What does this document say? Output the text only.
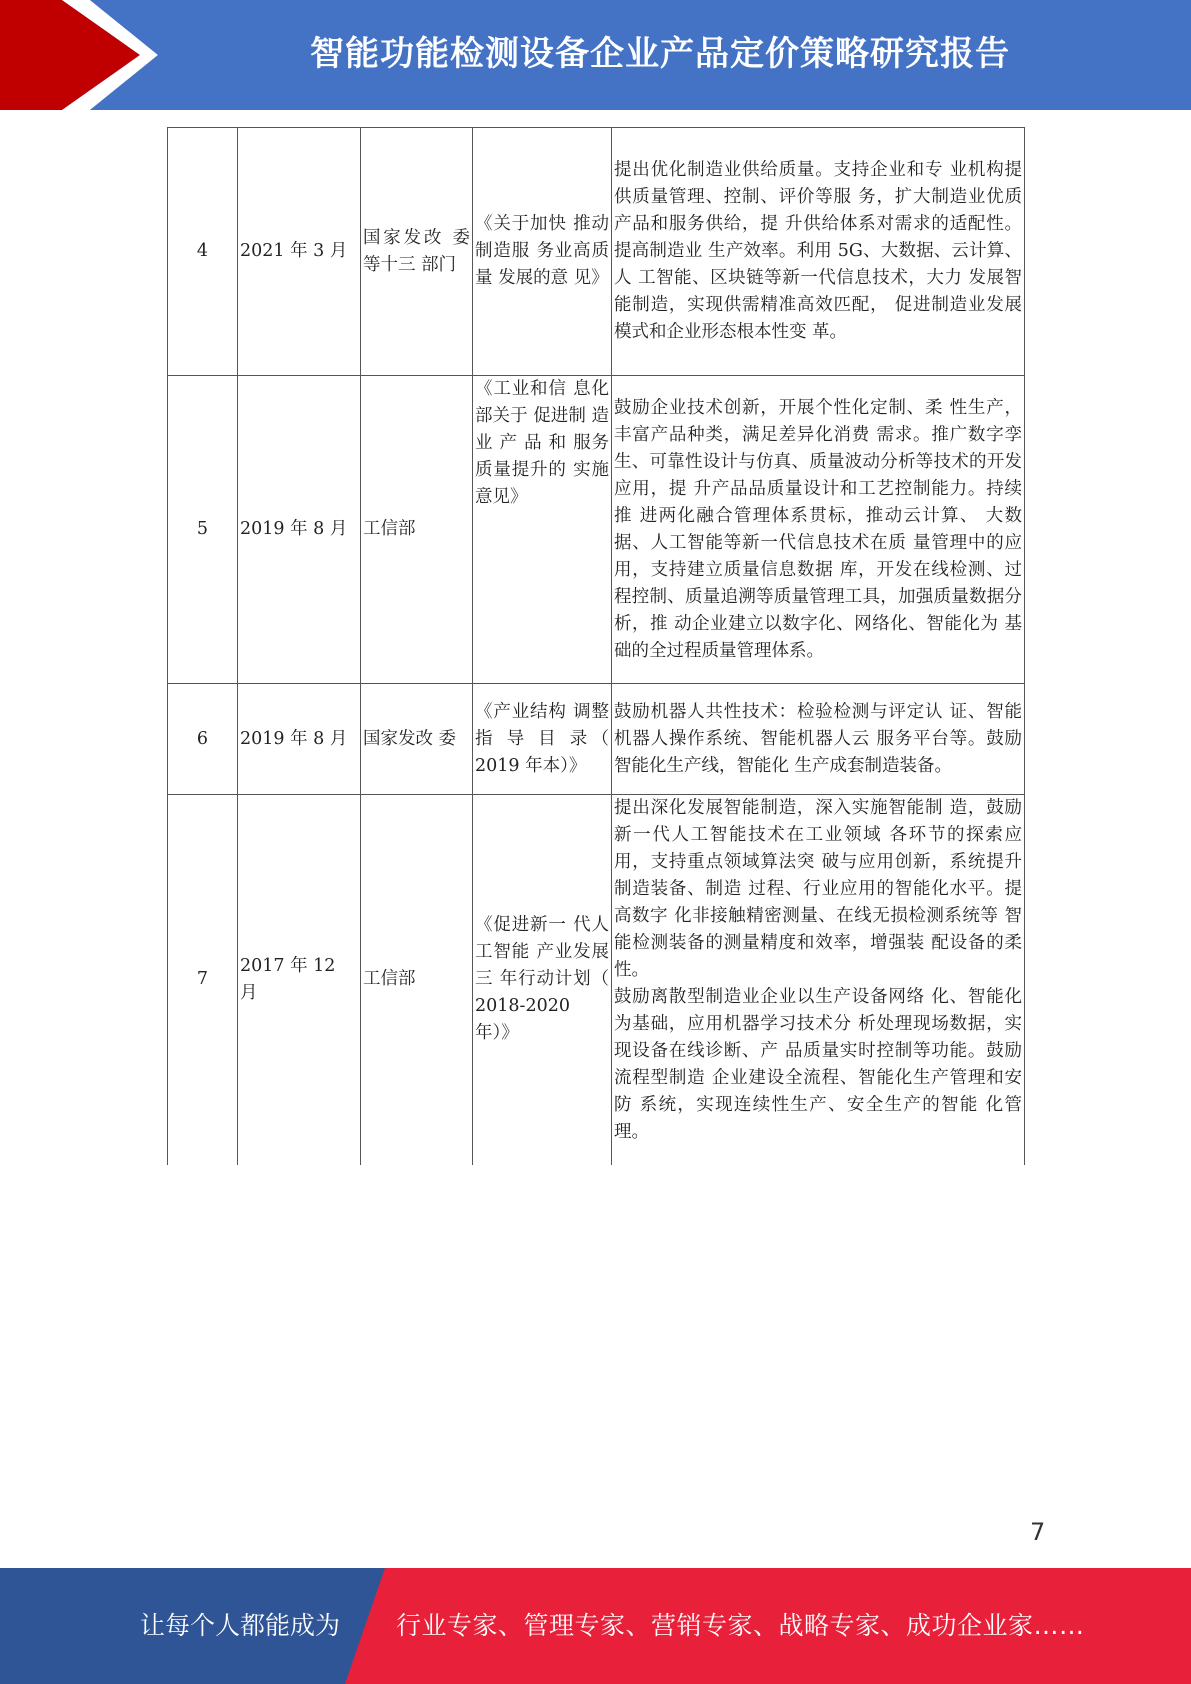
智能功能检测设备企业产品定价策略研究报告
4	2021 年 3 月	国家发改 委等十三 部门	《关于加快 推动制造服 务业高质量 发展的意 见》	提出优化制造业供给质量。支持企业和专 业机构提供质量管理、控制、评价等服 务，扩大制造业优质产品和服务供给，提 升供给体系对需求的适配性。提高制造业 生产效率。利用 5G、大数据、云计算、人 工智能、区块链等新一代信息技术，大力 发展智能制造，实现供需精准高效匹配， 促进制造业发展模式和企业形态根本性变 革。
5	2019 年 8 月	工信部	《工业和信 息化部关于 促进制 造 业 产 品 和 服务 质量提升的 实施意见》	鼓励企业技术创新，开展个性化定制、柔 性生产，丰富产品种类，满足差异化消费 需求。推广数字孪生、可靠性设计与仿真、质量波动分析等技术的开发应用，提 升产品品质量设计和工艺控制能力。持续推 进两化融合管理体系贯标，推动云计算、 大数据、人工智能等新一代信息技术在质 量管理中的应用，支持建立质量信息数据 库，开发在线检测、过程控制、质量追溯等质量管理工具，加强质量数据分析，推 动企业建立以数字化、网络化、智能化为 基础的全过程质量管理体系。
6	2019 年 8 月	国家发改 委	《产业结构 调整 指 导 目 录（ 2019 年本）》	鼓励机器人共性技术：检验检测与评定认 证、智能机器人操作系统、智能机器人云 服务平台等。鼓励智能化生产线，智能化 生产成套制造装备。
7	2017 年 12 月	工信部	《促进新一 代人工智能 产业发展三 年行动计划（ 2018-2020 年）》	提出深化发展智能制造，深入实施智能制 造，鼓励新一代人工智能技术在工业领域 各环节的探索应用，支持重点领域算法突 破与应用创新，系统提升制造装备、制造 过程、行业应用的智能化水平。提高数字 化非接触精密测量、在线无损检测系统等 智能检测装备的测量精度和效率，增强装 配设备的柔性。
鼓励离散型制造业企业以生产设备网络 化、智能化为基础，应用机器学习技术分 析处理现场数据，实现设备在线诊断、产 品质量实时控制等功能。鼓励流程型制造 企业建设全流程、智能化生产管理和安防 系统，实现连续性生产、安全生产的智能 化管理。
7
让每个人都能成为 行业专家、管理专家、营销专家、战略专家、成功企业家……
